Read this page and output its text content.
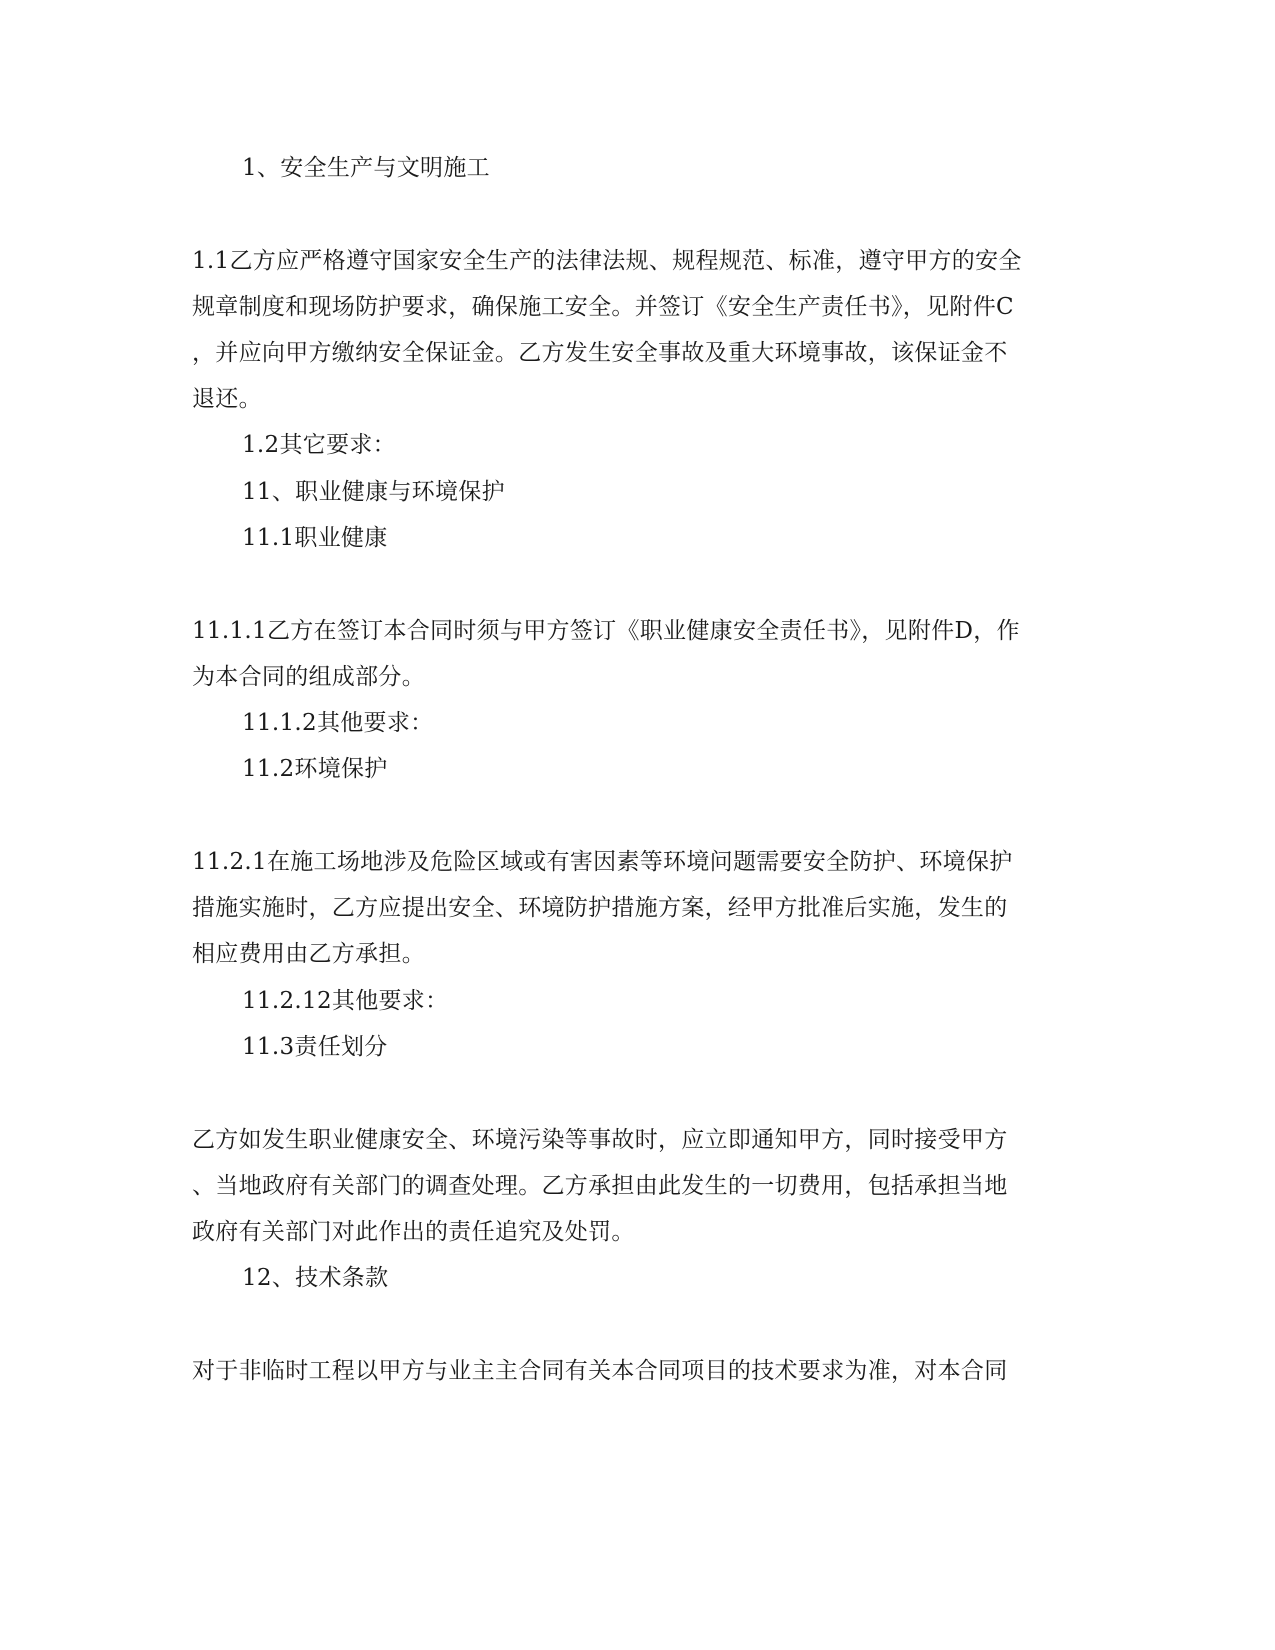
1、安全生产与文明施工
1.1乙方应严格遵守国家安全生产的法律法规、规程规范、标准，遵守甲方的安全
规章制度和现场防护要求，确保施工安全。并签订《安全生产责任书》，见附件C
，并应向甲方缴纳安全保证金。乙方发生安全事故及重大环境事故，该保证金不
退还。
1.2其它要求：
11、职业健康与环境保护
11.1职业健康
11.1.1乙方在签订本合同时须与甲方签订《职业健康安全责任书》，见附件D，作
为本合同的组成部分。
11.1.2其他要求：
11.2环境保护
11.2.1在施工场地涉及危险区域或有害因素等环境问题需要安全防护、环境保护
措施实施时，乙方应提出安全、环境防护措施方案，经甲方批准后实施，发生的
相应费用由乙方承担。
11.2.12其他要求：
11.3责任划分
乙方如发生职业健康安全、环境污染等事故时，应立即通知甲方，同时接受甲方
、当地政府有关部门的调查处理。乙方承担由此发生的一切费用，包括承担当地
政府有关部门对此作出的责任追究及处罚。
12、技术条款
对于非临时工程以甲方与业主主合同有关本合同项目的技术要求为准，对本合同
